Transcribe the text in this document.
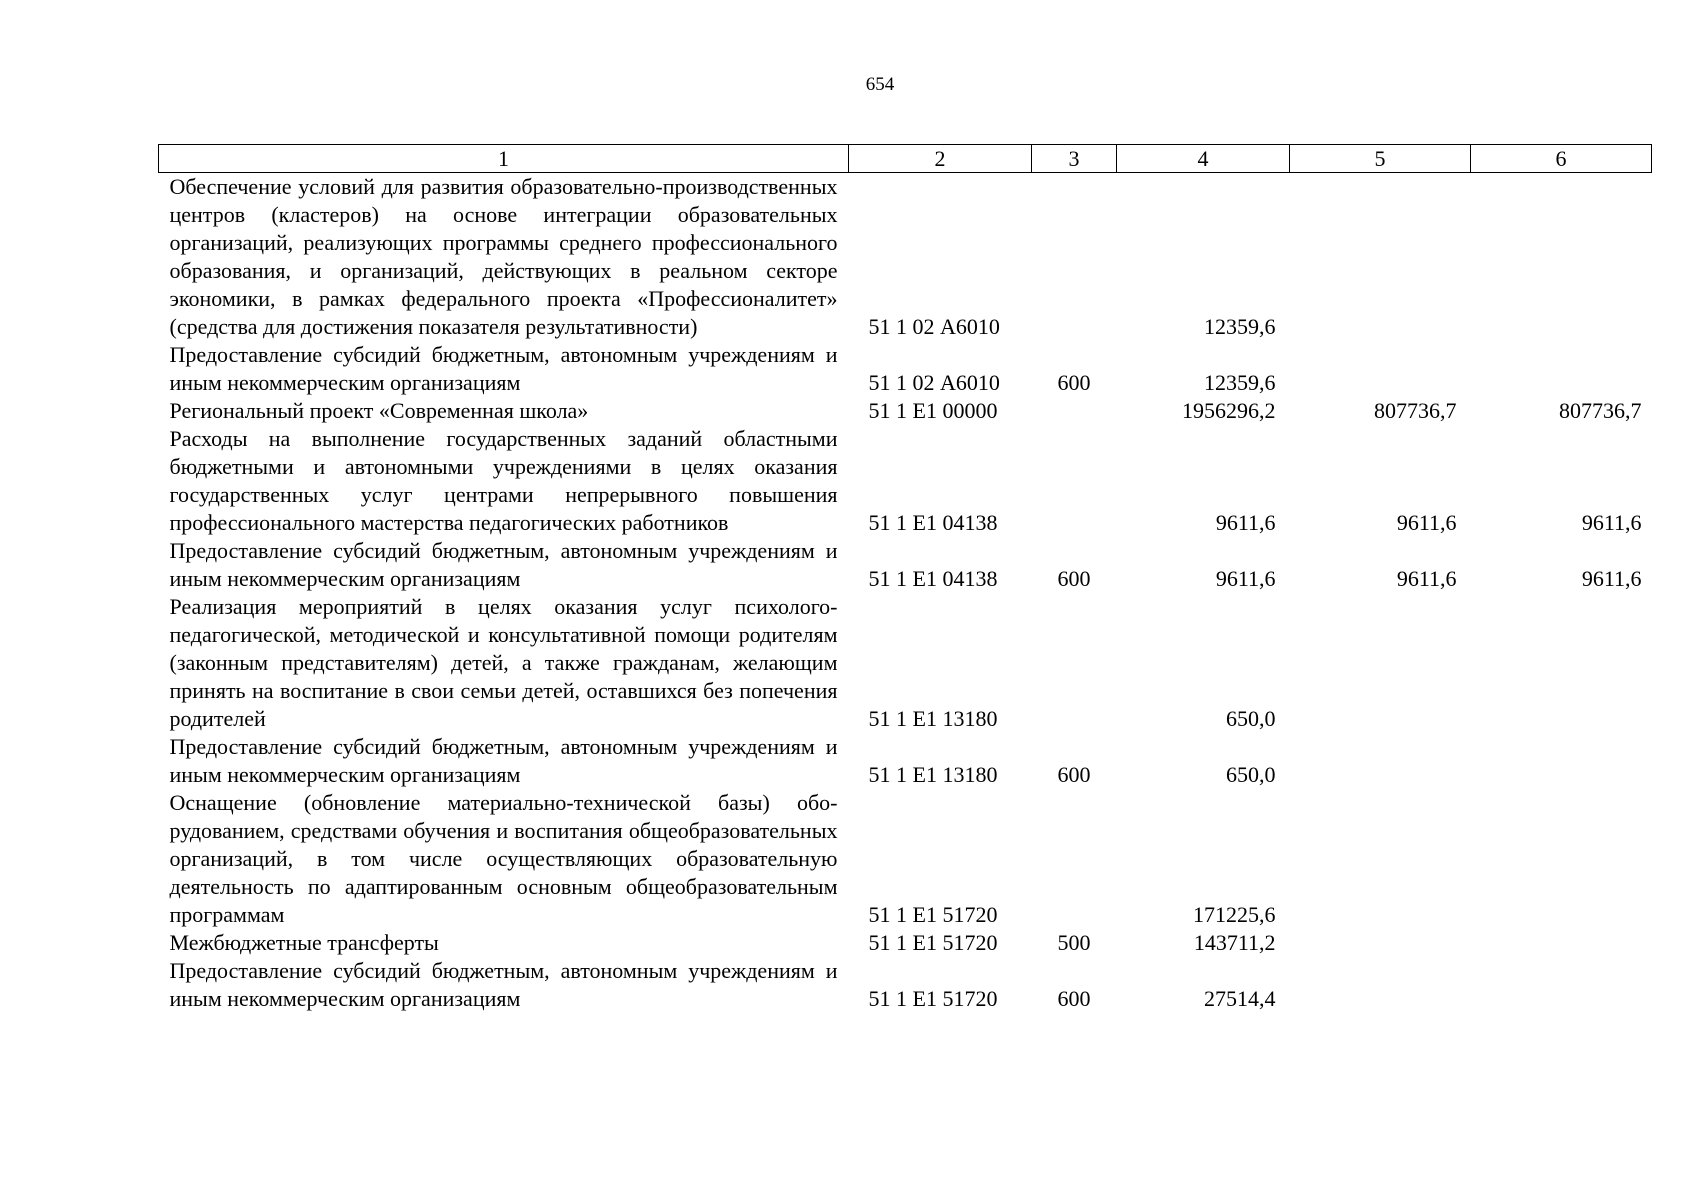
654
1	2	3	4	5	6
Обеспечение условий для развития образовательно-производственных центров (кластеров) на основе интеграции образовательных организаций, реализующих программы среднего профессионального образования, и организаций, действующих в реальном секторе экономики, в рамках федерального проекта «Профессионалитет» (средства для достижения показателя результативности)	51 1 02 А6010		12359,6		
Предоставление субсидий бюджетным, автономным учреждениям и иным некоммерческим организациям	51 1 02 А6010	600	12359,6		
Региональный проект «Современная школа»	51 1 Е1 00000		1956296,2	807736,7	807736,7
Расходы на выполнение государственных заданий областными бюджетными и автономными учреждениями в целях оказания государственных услуг центрами непрерывного повышения профессионального мастерства педагогических работников	51 1 Е1 04138		9611,6	9611,6	9611,6
Предоставление субсидий бюджетным, автономным учреждениям и иным некоммерческим организациям	51 1 Е1 04138	600	9611,6	9611,6	9611,6
Реализация мероприятий в целях оказания услуг психолого-педагогической, методической и консультативной помощи родителям (законным представителям) детей, а также гражданам, желающим принять на воспитание в свои семьи детей, оставшихся без попечения родителей	51 1 Е1 13180		650,0		
Предоставление субсидий бюджетным, автономным учреждениям и иным некоммерческим организациям	51 1 Е1 13180	600	650,0		
Оснащение (обновление материально-технической базы) оборудованием, средствами обучения и воспитания общеобразовательных организаций, в том числе осуществляющих образовательную деятельность по адаптированным основным общеобразовательным программам	51 1 Е1 51720		171225,6		
Межбюджетные трансферты	51 1 Е1 51720	500	143711,2		
Предоставление субсидий бюджетным, автономным учреждениям и иным некоммерческим организациям	51 1 Е1 51720	600	27514,4		
